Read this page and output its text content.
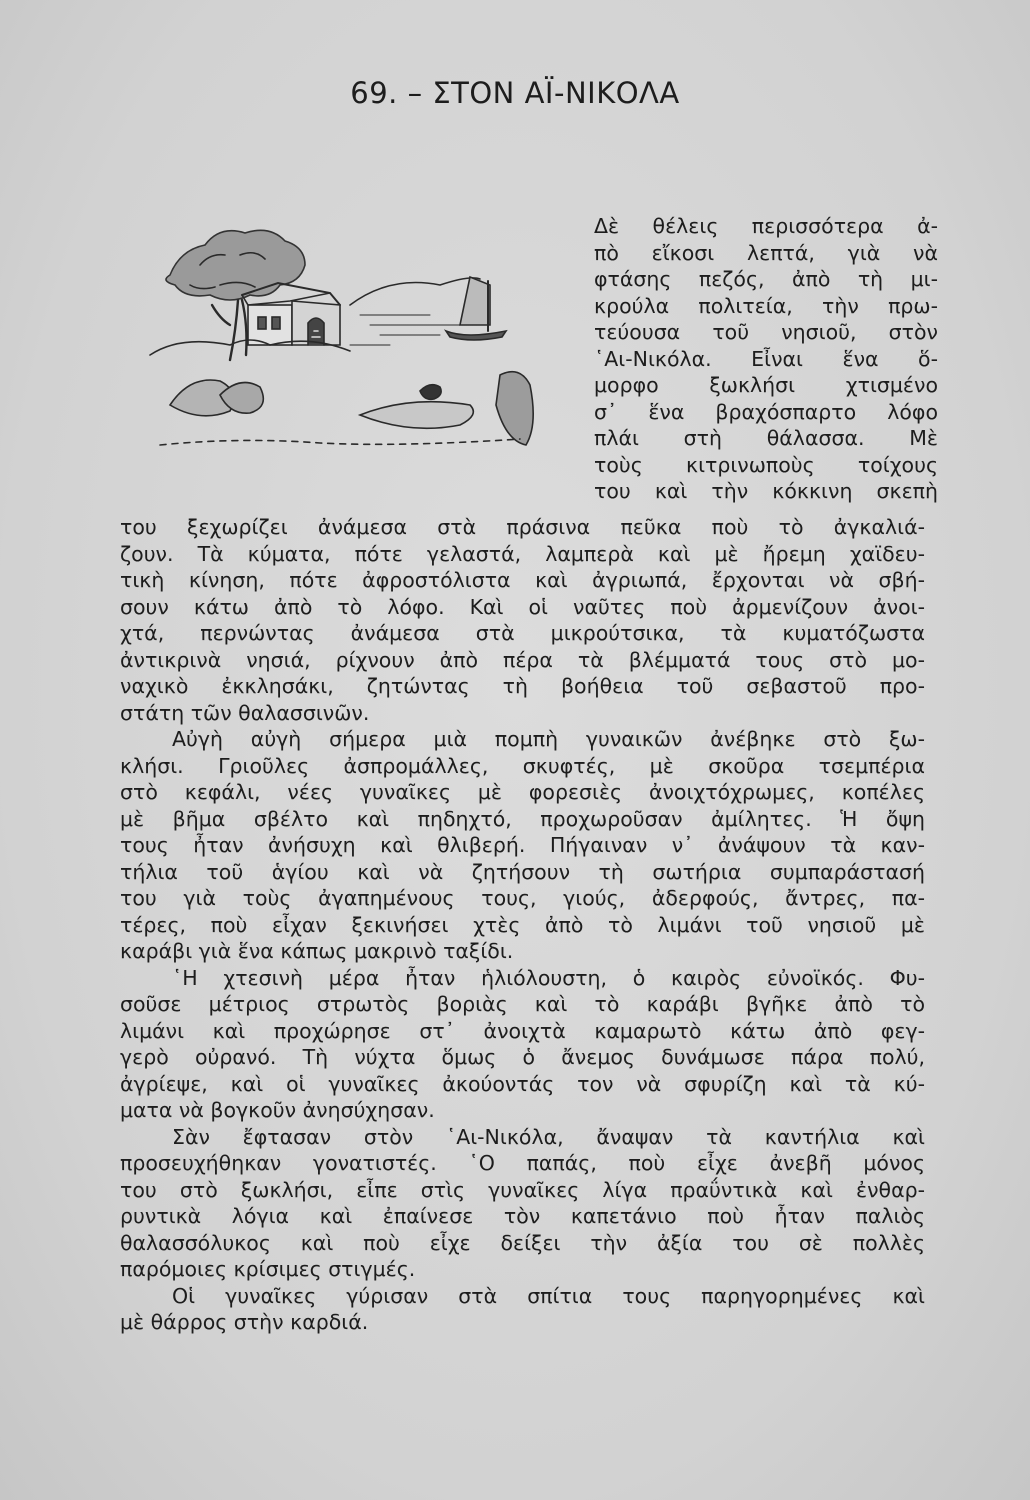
69. – ΣΤΟΝ ΑΪ-ΝΙΚΟΛΑ
Δὲ θέλεις περισσότερα ἀ-
πὸ εἴκοσι λεπτά, γιὰ νὰ
φτάσης πεζός, ἀπὸ τὴ μι-
κρούλα πολιτεία, τὴν πρω-
τεύουσα τοῦ νησιοῦ, στὸν
῾Αι-Νικόλα. Εἶναι ἕνα ὅ-
μορφο ξωκλήσι χτισμένο
σ᾿ ἕνα βραχόσπαρτο λόφο
πλάι στὴ θάλασσα. Μὲ
τοὺς κιτρινωποὺς τοίχους
του καὶ τὴν κόκκινη σκεπὴ
του ξεχωρίζει ἀνάμεσα στὰ πράσινα πεῦκα ποὺ τὸ ἀγκαλιά-
ζουν. Τὰ κύματα, πότε γελαστά, λαμπερὰ καὶ μὲ ἤρεμη χαϊδευ-
τικὴ κίνηση, πότε ἀφροστόλιστα καὶ ἀγριωπά, ἔρχονται νὰ σβή-
σουν κάτω ἀπὸ τὸ λόφο. Καὶ οἱ ναῦτες ποὺ ἀρμενίζουν ἀνοι-
χτά, περνώντας ἀνάμεσα στὰ μικρούτσικα, τὰ κυματόζωστα
ἀντικρινὰ νησιά, ρίχνουν ἀπὸ πέρα τὰ βλέμματά τους στὸ μο-
ναχικὸ ἐκκλησάκι, ζητώντας τὴ βοήθεια τοῦ σεβαστοῦ προ-
στάτη τῶν θαλασσινῶν.
Αὐγὴ αὐγὴ σήμερα μιὰ πομπὴ γυναικῶν ἀνέβηκε στὸ ξω-
κλήσι. Γριοῦλες ἀσπρομάλλες, σκυφτές, μὲ σκοῦρα τσεμπέρια
στὸ κεφάλι, νέες γυναῖκες μὲ φορεσιὲς ἀνοιχτόχρωμες, κοπέλες
μὲ βῆμα σβέλτο καὶ πηδηχτό, προχωροῦσαν ἀμίλητες. Ἡ ὄψη
τους ἦταν ἀνήσυχη καὶ θλιβερή. Πήγαιναν ν᾿ ἀνάψουν τὰ καν-
τήλια τοῦ ἁγίου καὶ νὰ ζητήσουν τὴ σωτήρια συμπαράστασή
του γιὰ τοὺς ἀγαπημένους τους, γιούς, ἀδερφούς, ἄντρες, πα-
τέρες, ποὺ εἶχαν ξεκινήσει χτὲς ἀπὸ τὸ λιμάνι τοῦ νησιοῦ μὲ
καράβι γιὰ ἕνα κάπως μακρινὸ ταξίδι.
῾Η χτεσινὴ μέρα ἦταν ἡλιόλουστη, ὁ καιρὸς εὐνοϊκός. Φυ-
σοῦσε μέτριος στρωτὸς βοριὰς καὶ τὸ καράβι βγῆκε ἀπὸ τὸ
λιμάνι καὶ προχώρησε στ᾿ ἀνοιχτὰ καμαρωτὸ κάτω ἀπὸ φεγ-
γερὸ οὐρανό. Τὴ νύχτα ὅμως ὁ ἄνεμος δυνάμωσε πάρα πολύ,
ἀγρίεψε, καὶ οἱ γυναῖκες ἀκούοντάς τον νὰ σφυρίζη καὶ τὰ κύ-
ματα νὰ βογκοῦν ἀνησύχησαν.
Σὰν ἔφτασαν στὸν ῾Αι-Νικόλα, ἄναψαν τὰ καντήλια καὶ
προσευχήθηκαν γονατιστές. ῾Ο παπάς, ποὺ εἶχε ἀνεβῆ μόνος
του στὸ ξωκλήσι, εἶπε στὶς γυναῖκες λίγα πραΰντικὰ καὶ ἐνθαρ-
ρυντικὰ λόγια καὶ ἐπαίνεσε τὸν καπετάνιο ποὺ ἦταν παλιὸς
θαλασσόλυκος καὶ ποὺ εἶχε δείξει τὴν ἀξία του σὲ πολλὲς
παρόμοιες κρίσιμες στιγμές.
Οἱ γυναῖκες γύρισαν στὰ σπίτια τους παρηγορημένες καὶ
μὲ θάρρος στὴν καρδιά.
